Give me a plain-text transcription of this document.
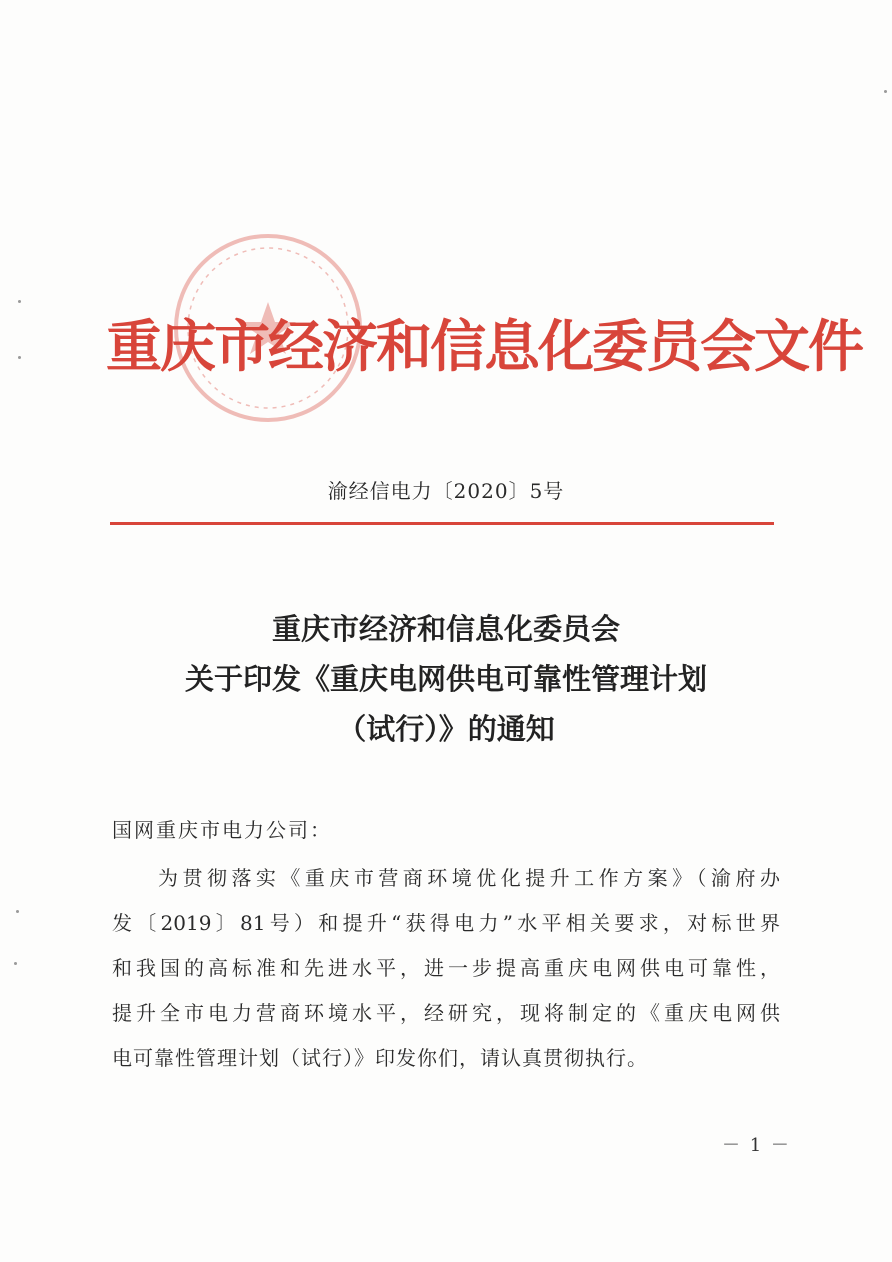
重庆市经济和信息化委员会文件
渝经信电力〔2020〕5号
重庆市经济和信息化委员会
关于印发《重庆电网供电可靠性管理计划
（试行）》的通知
国网重庆市电力公司：
为贯彻落实《重庆市营商环境优化提升工作方案》（渝府办
发〔2019〕81号）和提升“获得电力”水平相关要求，对标世界
和我国的高标准和先进水平，进一步提高重庆电网供电可靠性，
提升全市电力营商环境水平，经研究，现将制定的《重庆电网供
电可靠性管理计划（试行）》印发你们，请认真贯彻执行。
－ 1 －
